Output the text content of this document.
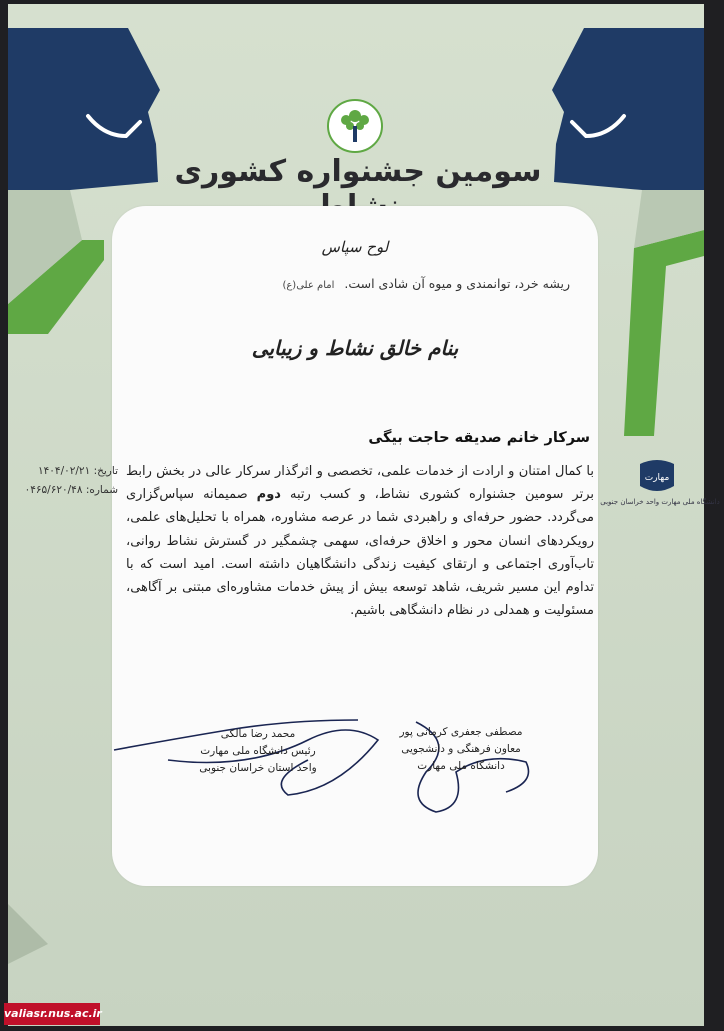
سومین جشنواره کشوری
لوح سپاس
ریشه خرد، توانمندی و میوه آن شادی است. امام علی(ع)
بنام خالق نشاط و زیبایی
سرکار خانم صدیقه حاجت بیگی
با کمال امتنان و ارادت از خدمات علمی، تخصصی و اثرگذار سرکار عالی در بخش رابط برتر سومین جشنواره کشوری نشاط، و کسب رتبه دوم صمیمانه سپاس‌گزاری می‌گردد. حضور حرفه‌ای و راهبردی شما در عرصه مشاوره، همراه با تحلیل‌های علمی، رویکردهای انسان محور و اخلاق حرفه‌ای، سهمی چشمگیر در گسترش نشاط روانی، تاب‌آوری اجتماعی و ارتقای کیفیت زندگی دانشگاهیان داشته است. امید است که با تداوم این مسیر شریف، شاهد توسعه بیش از پیش خدمات مشاوره‌ای مبتنی بر آگاهی، مسئولیت و همدلی در نظام دانشگاهی باشیم.
محمد رضا مالکی
رئیس دانشگاه ملی مهارت
واحد استان خراسان جنوبی
مصطفی جعفری کرمانی پور
معاون فرهنگی و دانشجویی
دانشگاه ملی مهارت
تاریخ: ۱۴۰۴/۰۲/۲۱
شماره: ۰۴۶۵/۶۲۰/۴۸
مهارت
دانشگاه ملی مهارت واحد خراسان جنوبی
valiasr.nus.ac.ir
